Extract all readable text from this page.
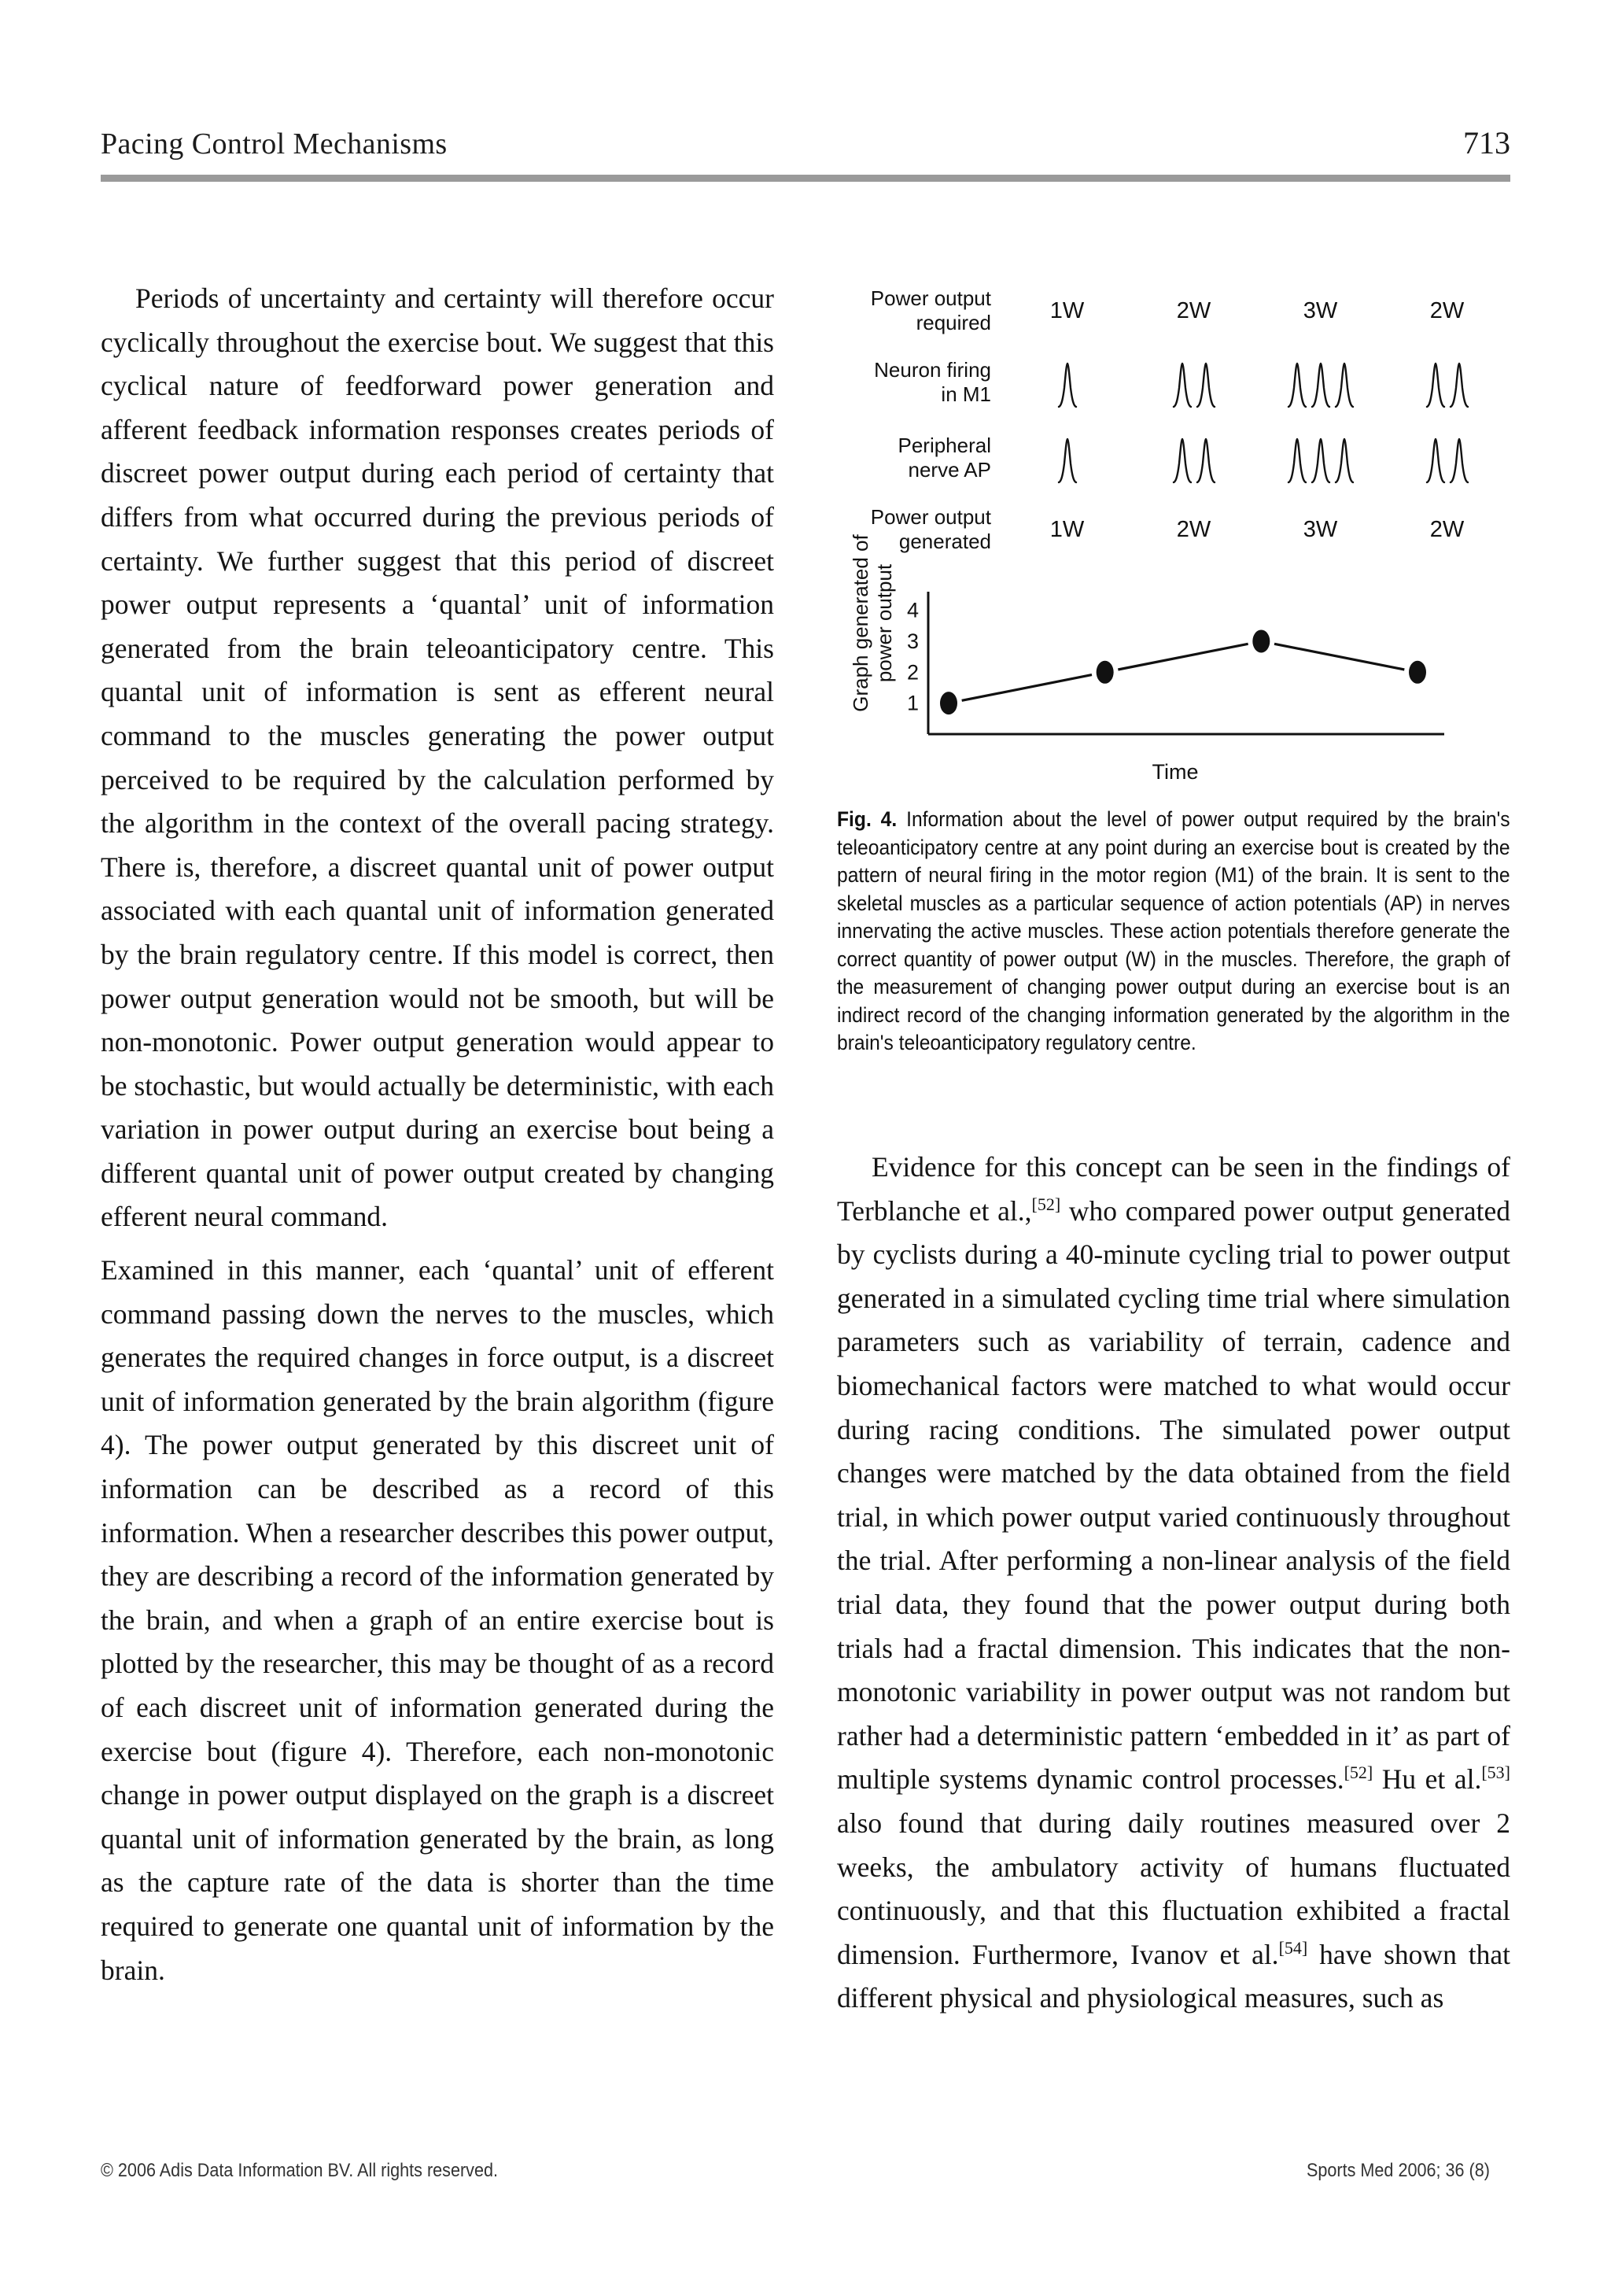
Pacing Control Mechanisms	713

Periods of uncertainty and certainty will therefore occur cyclically throughout the exercise bout. We suggest that this cyclical nature of feedforward power generation and afferent feedback information responses creates periods of discreet power output during each period of certainty that differs from what occurred during the previous periods of certainty. We further suggest that this period of discreet power output represents a ‘quantal’ unit of information generated from the brain teleoanticipatory centre. This quantal unit of information is sent as efferent neural command to the muscles generating the power output perceived to be required by the calculation performed by the algorithm in the context of the overall pacing strategy. There is, therefore, a discreet quantal unit of power output associated with each quantal unit of information generated by the brain regulatory centre. If this model is correct, then power output generation would not be smooth, but will be non-monotonic. Power output generation would appear to be stochastic, but would actually be deterministic, with each variation in power output during an exercise bout being a different quantal unit of power output created by changing efferent neural command.

Examined in this manner, each ‘quantal’ unit of efferent command passing down the nerves to the muscles, which generates the required changes in force output, is a discreet unit of information generated by the brain algorithm (figure 4). The power output generated by this discreet unit of information can be described as a record of this information. When a researcher describes this power output, they are describing a record of the information generated by the brain, and when a graph of an entire exercise bout is plotted by the researcher, this may be thought of as a record of each discreet unit of information generated during the exercise bout (figure 4). Therefore, each non-monotonic change in power output displayed on the graph is a discreet quantal unit of information generated by the brain, as long as the capture rate of the data is shorter than the time required to generate one quantal unit of information by the brain.

Power output
required	1W	2W	3W	2W
Neuron firing
in M1
Peripheral
nerve AP
Power output
generated	1W	2W	3W	2W
Graph generated of power output
1
2
3
4
Time
Fig. 4. Information about the level of power output required by the brain's teleoanticipatory centre at any point during an exercise bout is created by the pattern of neural firing in the motor region (M1) of the brain. It is sent to the skeletal muscles as a particular sequence of action potentials (AP) in nerves innervating the active muscles. These action potentials therefore generate the correct quantity of power output (W) in the muscles. Therefore, the graph of the measurement of changing power output during an exercise bout is an indirect record of the changing information generated by the algorithm in the brain's teleoanticipatory regulatory centre.

Evidence for this concept can be seen in the findings of Terblanche et al.,[52] who compared power output generated by cyclists during a 40-minute cycling trial to power output generated in a simulated cycling time trial where simulation parameters such as variability of terrain, cadence and biomechanical factors were matched to what would occur during racing conditions. The simulated power output changes were matched by the data obtained from the field trial, in which power output varied continuously throughout the trial. After performing a non-linear analysis of the field trial data, they found that the power output during both trials had a fractal dimension. This indicates that the non-monotonic variability in power output was not random but rather had a deterministic pattern ‘embedded in it’ as part of multiple systems dynamic control processes.[52] Hu et al.[53] also found that during daily routines measured over 2 weeks, the ambulatory activity of humans fluctuated continuously, and that this fluctuation exhibited a fractal dimension. Furthermore, Ivanov et al.[54] have shown that different physical and physiological measures, such as

© 2006 Adis Data Information BV. All rights reserved.	Sports Med 2006; 36 (8)
